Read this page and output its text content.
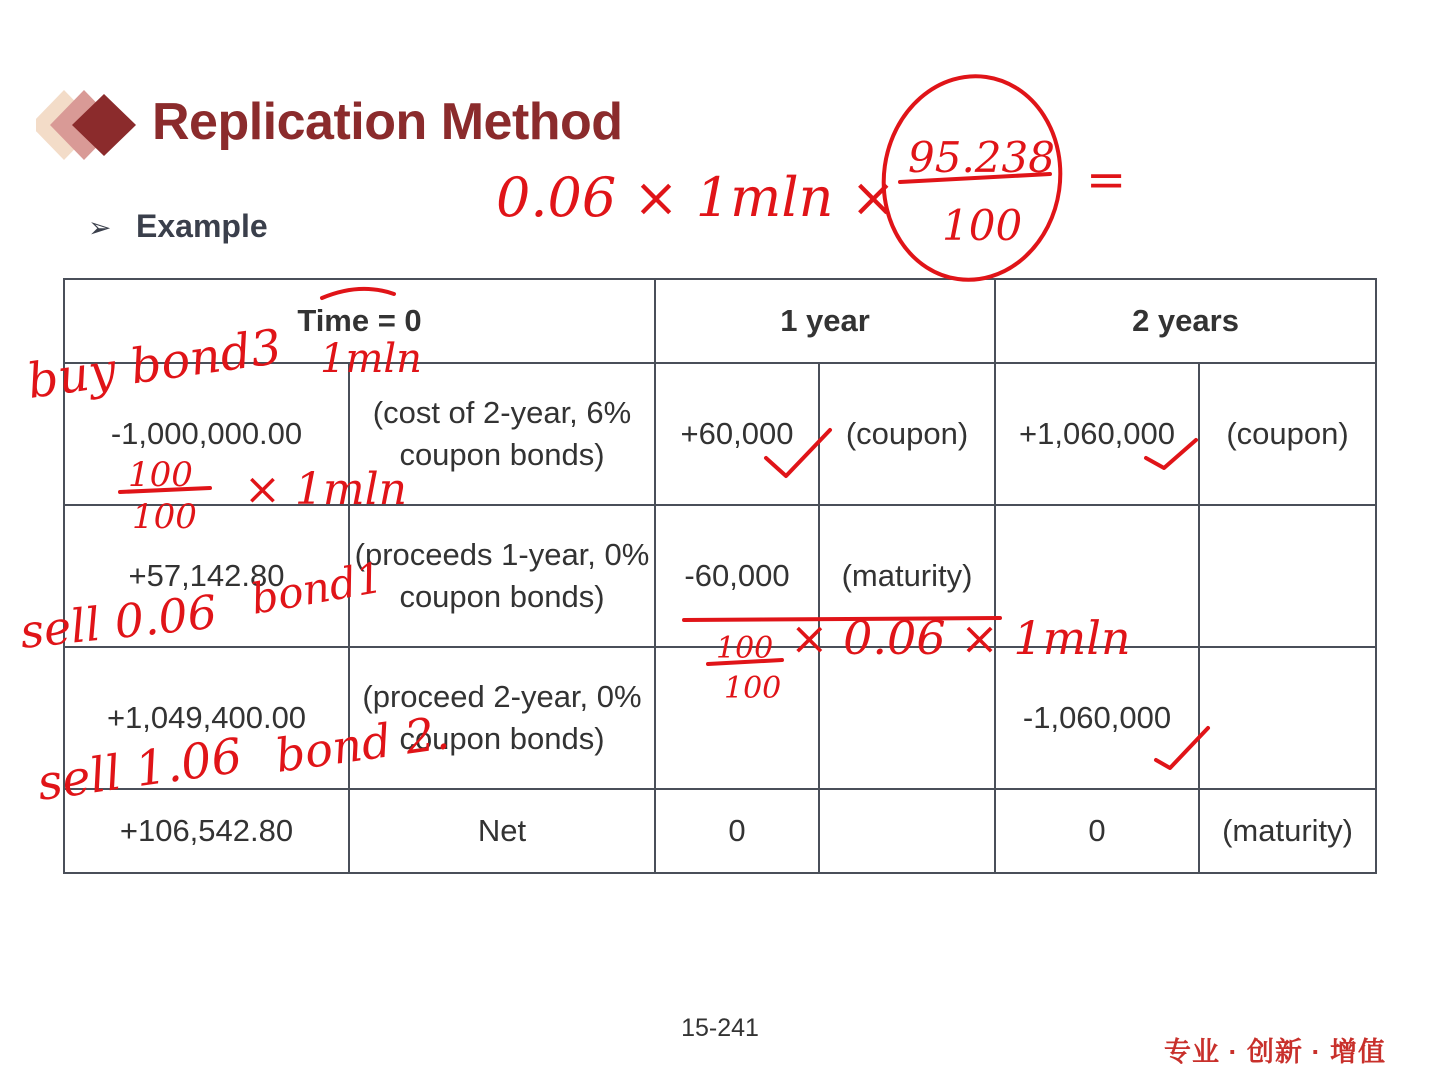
Replication Method
➢ Example
Time = 0		1 year		2 years	
-1,000,000.00	(cost of 2-year, 6% coupon bonds)	+60,000	(coupon)	+1,060,000	(coupon)
+57,142.80	(proceeds 1-year, 0% coupon bonds)	-60,000	(maturity)		
+1,049,400.00	(proceed 2-year, 0% coupon bonds)			-1,060,000	
+106,542.80	Net	0		0	(maturity)
15-241
专业 · 创新 · 增值
0.06 × 1mln ×
95.238
100
=
buy bond3 1mln
100
100
× 1mln
sell 0.06 bond1
100
100
× 0.06 × 1mln
sell 1.06 bond 2.
